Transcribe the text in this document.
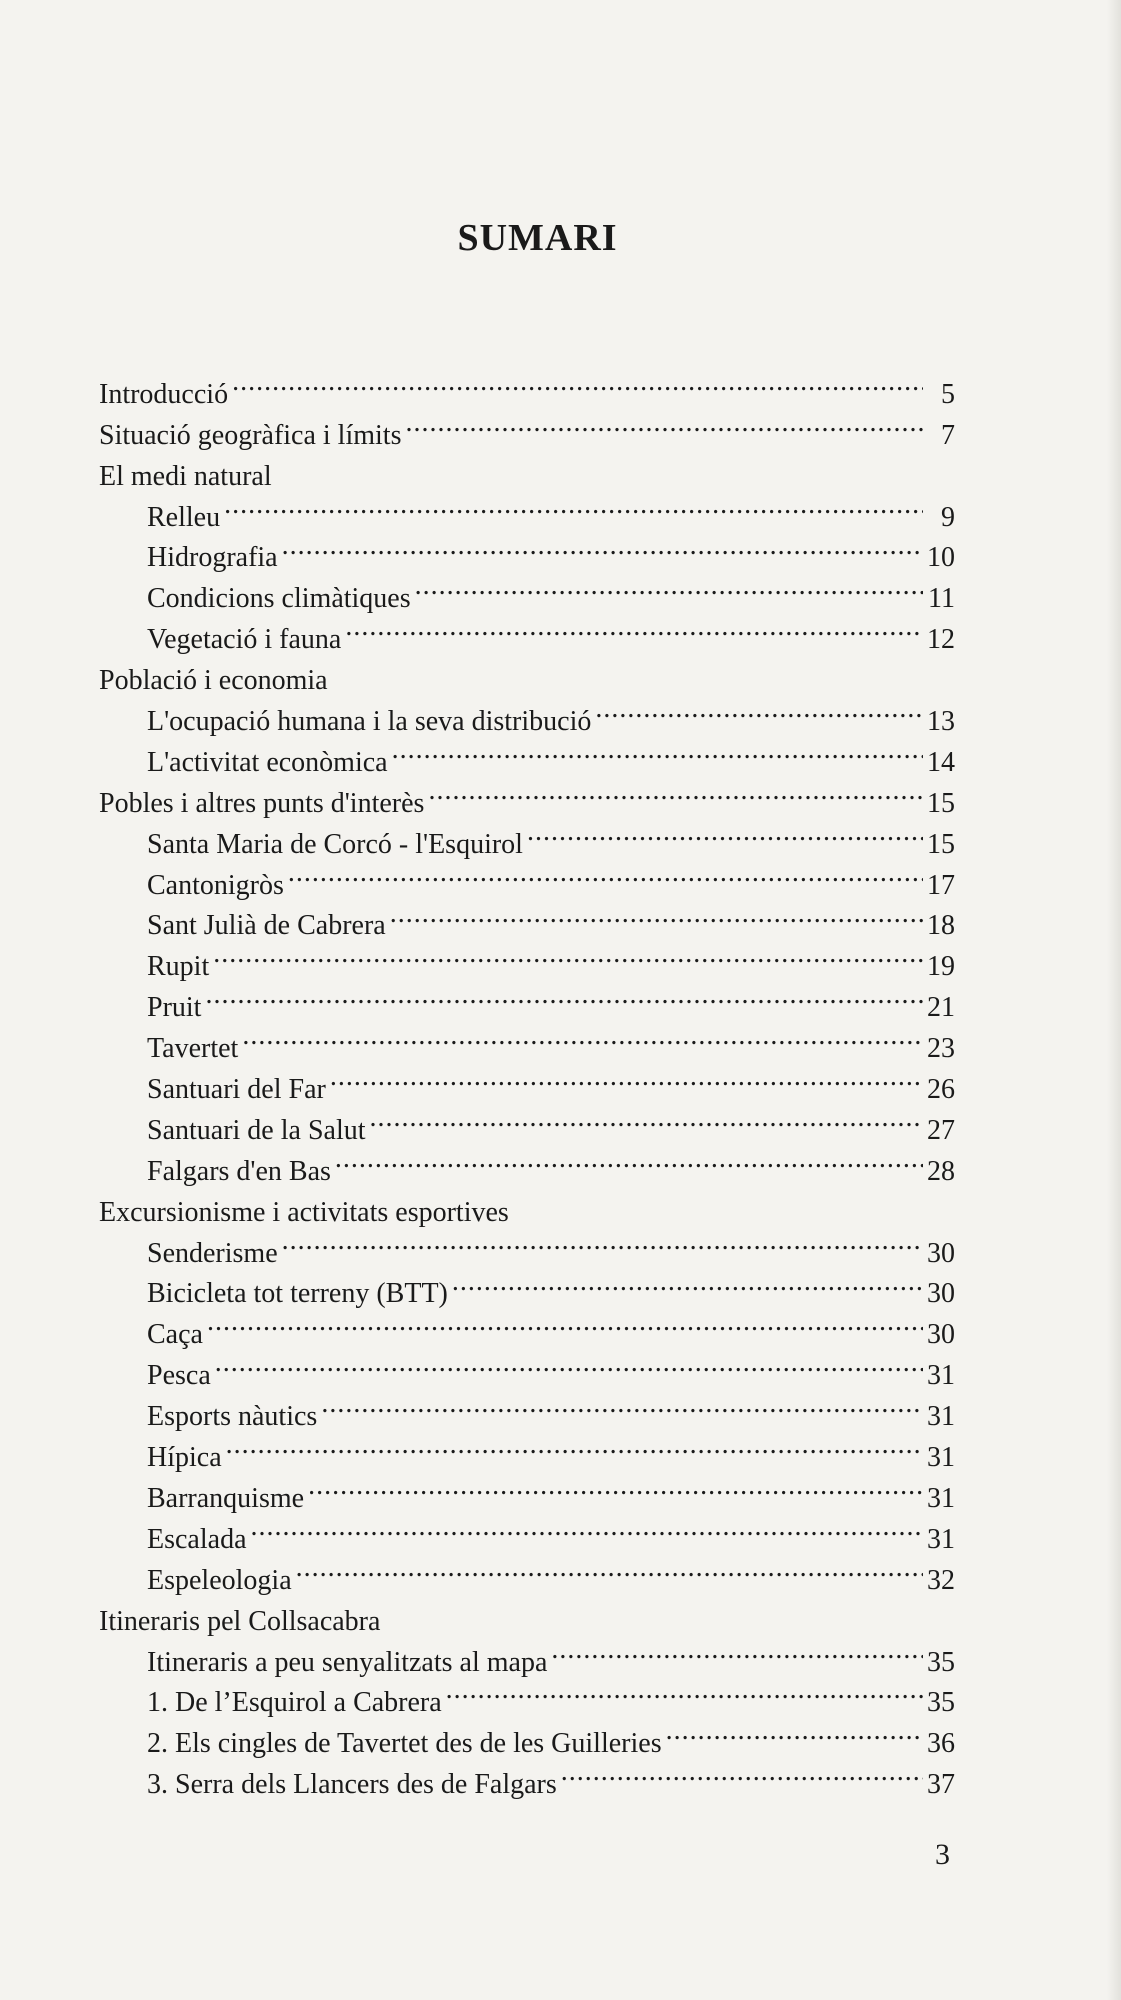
SUMARI
Introducció . . .	5
Situació geogràfica i límits . . .	7
El medi natural
Relleu . . .	9
Hidrografia . . .	10
Condicions climàtiques . . .	11
Vegetació i fauna . . .	12
Població i economia
L'ocupació humana i la seva distribució . . .	13
L'activitat econòmica . . .	14
Pobles i altres punts d'interès . . .	15
Santa Maria de Corcó - l'Esquirol . . .	15
Cantonigròs . . .	17
Sant Julià de Cabrera . . .	18
Rupit . . .	19
Pruit . . .	21
Tavertet . . .	23
Santuari del Far . . .	26
Santuari de la Salut . . .	27
Falgars d'en Bas . . .	28
Excursionisme i activitats esportives
Senderisme . . .	30
Bicicleta tot terreny (BTT) . . .	30
Caça . . .	30
Pesca . . .	31
Esports nàutics . . .	31
Hípica . . .	31
Barranquisme . . .	31
Escalada . . .	31
Espeleologia . . .	32
Itineraris pel Collsacabra
Itineraris a peu senyalitzats al mapa . . .	35
1. De l’Esquirol a Cabrera . . .	35
2. Els cingles de Tavertet des de les Guilleries . . .	36
3. Serra dels Llancers des de Falgars . . .	37
3
